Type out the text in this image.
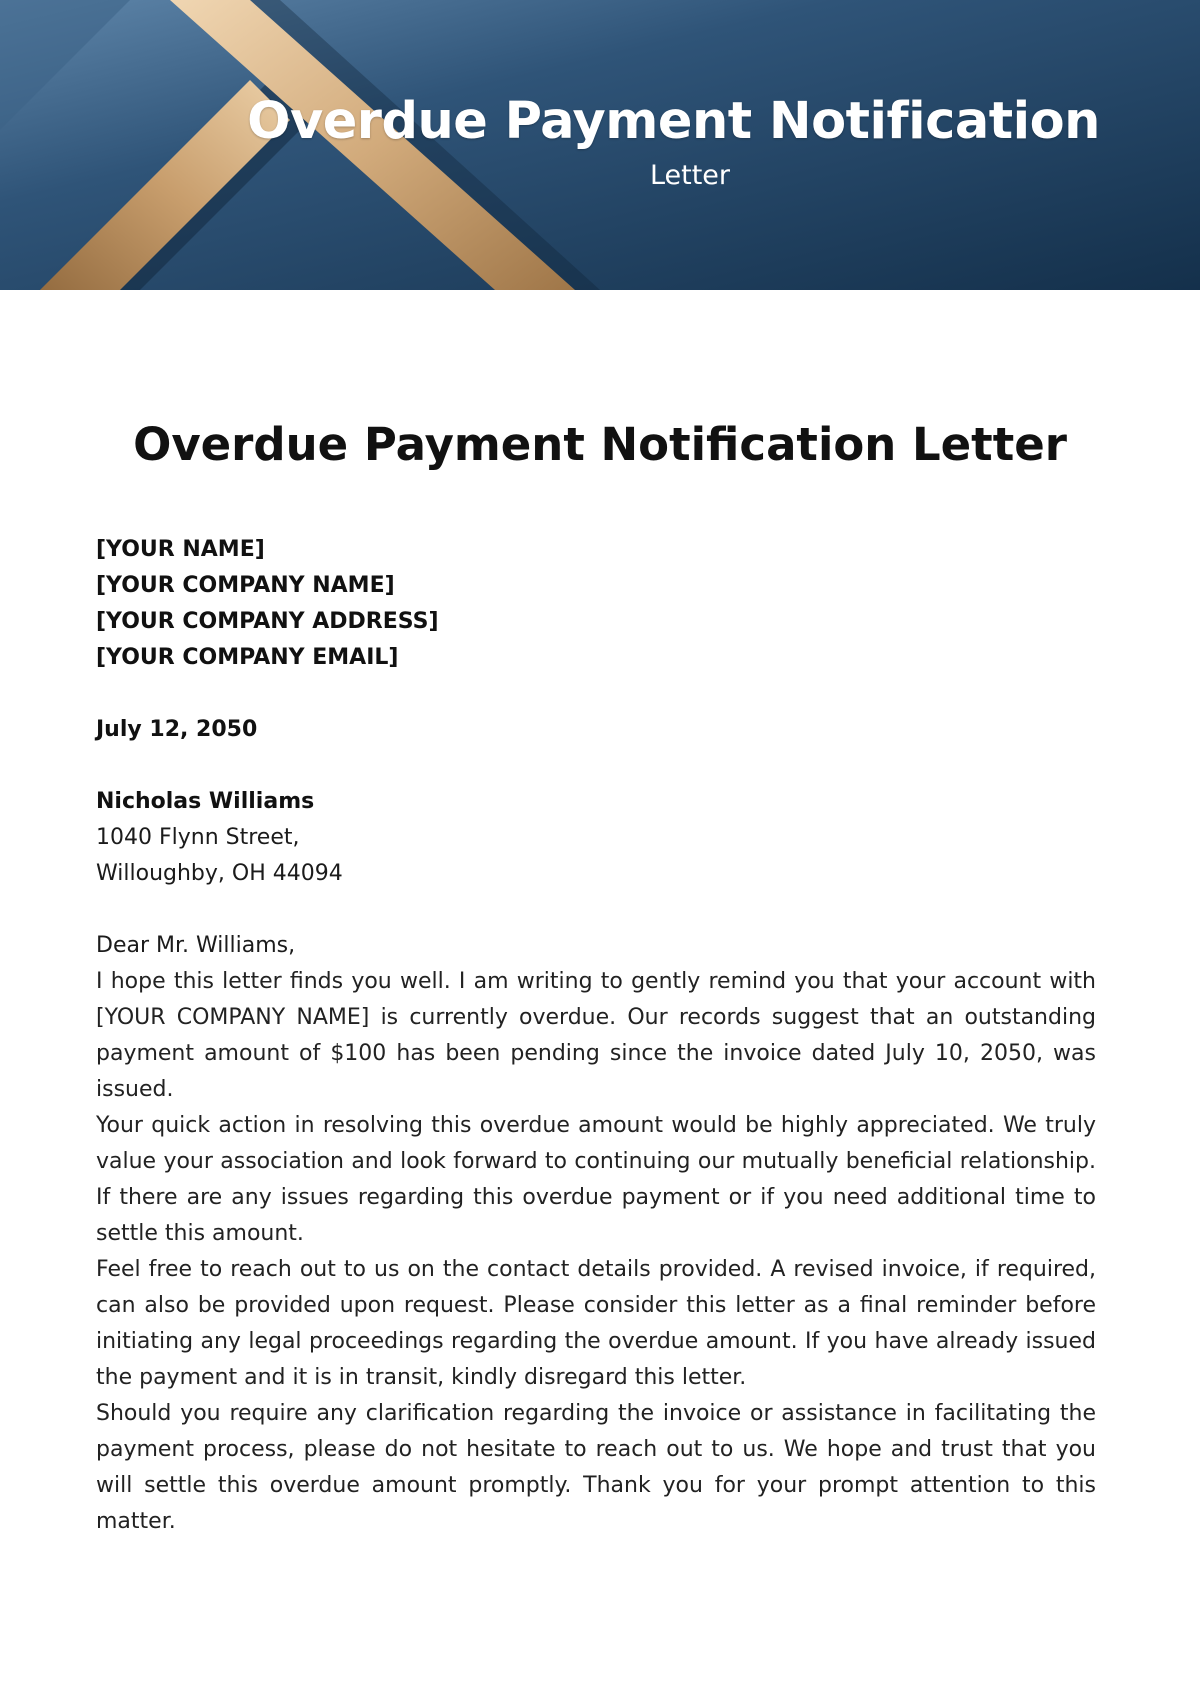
Overdue Payment Notification
Letter
Overdue Payment Notification Letter
[YOUR NAME]
[YOUR COMPANY NAME]
[YOUR COMPANY ADDRESS]
[YOUR COMPANY EMAIL]
July 12, 2050
Nicholas Williams
1040 Flynn Street,
Willoughby, OH 44094
Dear Mr. Williams,

I hope this letter finds you well. I am writing to gently remind you that your account with [YOUR COMPANY NAME] is currently overdue. Our records suggest that an outstanding payment amount of $100 has been pending since the invoice dated July 10, 2050, was issued.

Your quick action in resolving this overdue amount would be highly appreciated. We truly value your association and look forward to continuing our mutually beneficial relationship. If there are any issues regarding this overdue payment or if you need additional time to settle this amount.

Feel free to reach out to us on the contact details provided. A revised invoice, if required, can also be provided upon request. Please consider this letter as a final reminder before initiating any legal proceedings regarding the overdue amount. If you have already issued the payment and it is in transit, kindly disregard this letter.

Should you require any clarification regarding the invoice or assistance in facilitating the payment process, please do not hesitate to reach out to us. We hope and trust that you will settle this overdue amount promptly. Thank you for your prompt attention to this matter.
